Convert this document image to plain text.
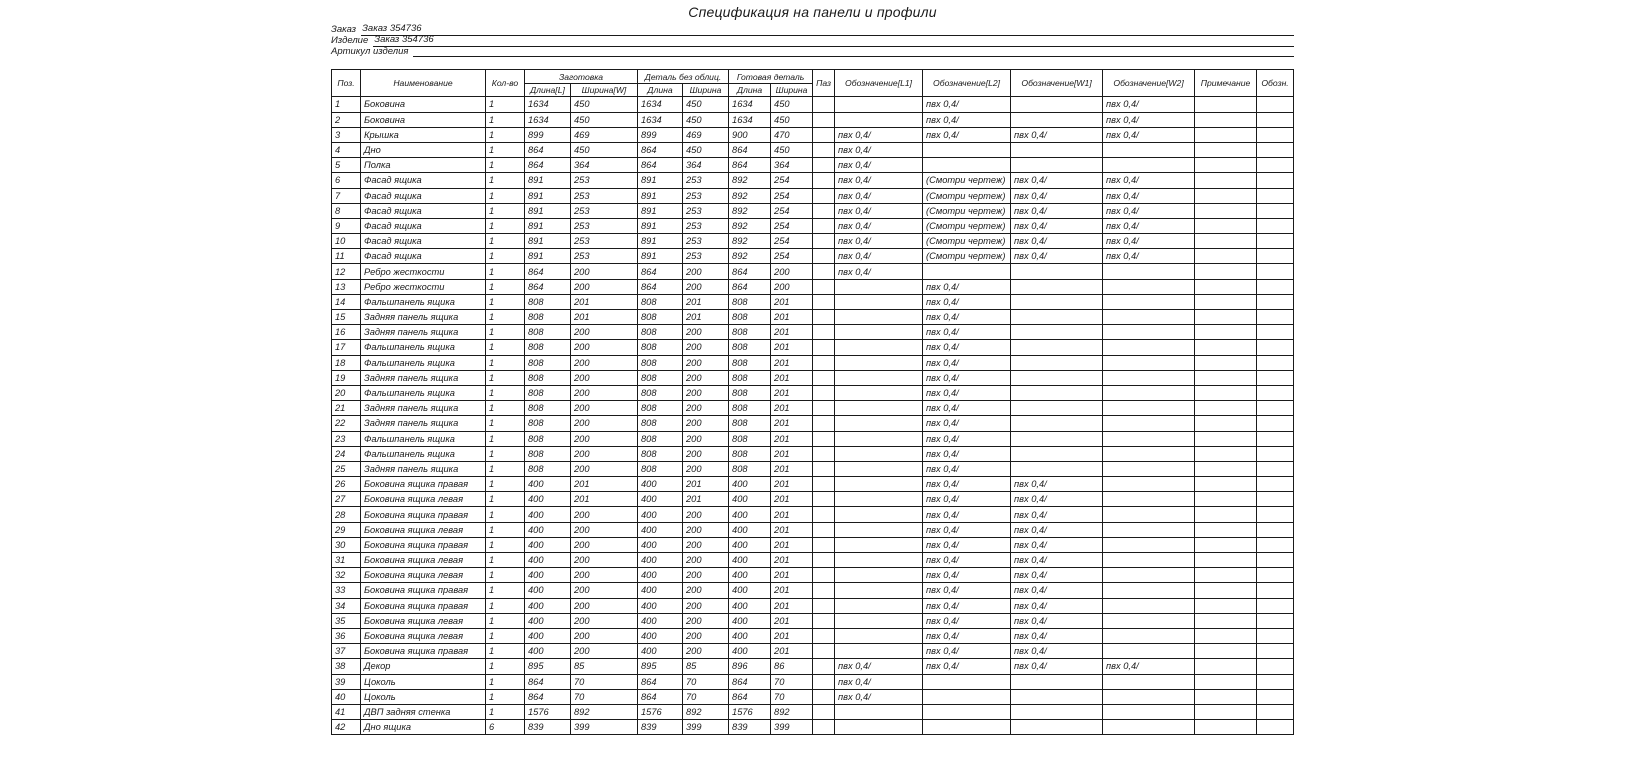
Спецификация на панели и профили
Заказ Заказ 354736
Изделие Заказ 354736
Артикул изделия
Поз.	Наименование	Кол-во	Заготовка		Деталь без облиц.		Готовая деталь		Паз	Обозначение[L1]	Обозначение[L2]	Обозначение[W1]	Обозначение[W2]	Примечание	Обозн.
			Длина[L]	Ширина[W]	Длина	Ширина	Длина	Ширина							
1	Боковина	1	1634	450	1634	450	1634	450			пвх 0,4/		пвх 0,4/		
2	Боковина	1	1634	450	1634	450	1634	450			пвх 0,4/		пвх 0,4/		
3	Крышка	1	899	469	899	469	900	470		пвх 0,4/	пвх 0,4/	пвх 0,4/	пвх 0,4/		
4	Дно	1	864	450	864	450	864	450		пвх 0,4/					
5	Полка	1	864	364	864	364	864	364		пвх 0,4/					
6	Фасад ящика	1	891	253	891	253	892	254		пвх 0,4/	(Смотри чертеж)	пвх 0,4/	пвх 0,4/		
7	Фасад ящика	1	891	253	891	253	892	254		пвх 0,4/	(Смотри чертеж)	пвх 0,4/	пвх 0,4/		
8	Фасад ящика	1	891	253	891	253	892	254		пвх 0,4/	(Смотри чертеж)	пвх 0,4/	пвх 0,4/		
9	Фасад ящика	1	891	253	891	253	892	254		пвх 0,4/	(Смотри чертеж)	пвх 0,4/	пвх 0,4/		
10	Фасад ящика	1	891	253	891	253	892	254		пвх 0,4/	(Смотри чертеж)	пвх 0,4/	пвх 0,4/		
11	Фасад ящика	1	891	253	891	253	892	254		пвх 0,4/	(Смотри чертеж)	пвх 0,4/	пвх 0,4/		
12	Ребро жесткости	1	864	200	864	200	864	200		пвх 0,4/					
13	Ребро жесткости	1	864	200	864	200	864	200			пвх 0,4/				
14	Фальшпанель ящика	1	808	201	808	201	808	201			пвх 0,4/				
15	Задняя панель ящика	1	808	201	808	201	808	201			пвх 0,4/				
16	Задняя панель ящика	1	808	200	808	200	808	201			пвх 0,4/				
17	Фальшпанель ящика	1	808	200	808	200	808	201			пвх 0,4/				
18	Фальшпанель ящика	1	808	200	808	200	808	201			пвх 0,4/				
19	Задняя панель ящика	1	808	200	808	200	808	201			пвх 0,4/				
20	Фальшпанель ящика	1	808	200	808	200	808	201			пвх 0,4/				
21	Задняя панель ящика	1	808	200	808	200	808	201			пвх 0,4/				
22	Задняя панель ящика	1	808	200	808	200	808	201			пвх 0,4/				
23	Фальшпанель ящика	1	808	200	808	200	808	201			пвх 0,4/				
24	Фальшпанель ящика	1	808	200	808	200	808	201			пвх 0,4/				
25	Задняя панель ящика	1	808	200	808	200	808	201			пвх 0,4/				
26	Боковина ящика правая	1	400	201	400	201	400	201			пвх 0,4/	пвх 0,4/			
27	Боковина ящика левая	1	400	201	400	201	400	201			пвх 0,4/	пвх 0,4/			
28	Боковина ящика правая	1	400	200	400	200	400	201			пвх 0,4/	пвх 0,4/			
29	Боковина ящика левая	1	400	200	400	200	400	201			пвх 0,4/	пвх 0,4/			
30	Боковина ящика правая	1	400	200	400	200	400	201			пвх 0,4/	пвх 0,4/			
31	Боковина ящика левая	1	400	200	400	200	400	201			пвх 0,4/	пвх 0,4/			
32	Боковина ящика левая	1	400	200	400	200	400	201			пвх 0,4/	пвх 0,4/			
33	Боковина ящика правая	1	400	200	400	200	400	201			пвх 0,4/	пвх 0,4/			
34	Боковина ящика правая	1	400	200	400	200	400	201			пвх 0,4/	пвх 0,4/			
35	Боковина ящика левая	1	400	200	400	200	400	201			пвх 0,4/	пвх 0,4/			
36	Боковина ящика левая	1	400	200	400	200	400	201			пвх 0,4/	пвх 0,4/			
37	Боковина ящика правая	1	400	200	400	200	400	201			пвх 0,4/	пвх 0,4/			
38	Декор	1	895	85	895	85	896	86		пвх 0,4/	пвх 0,4/	пвх 0,4/	пвх 0,4/		
39	Цоколь	1	864	70	864	70	864	70		пвх 0,4/					
40	Цоколь	1	864	70	864	70	864	70		пвх 0,4/					
41	ДВП задняя стенка	1	1576	892	1576	892	1576	892							
42	Дно ящика	6	839	399	839	399	839	399							
